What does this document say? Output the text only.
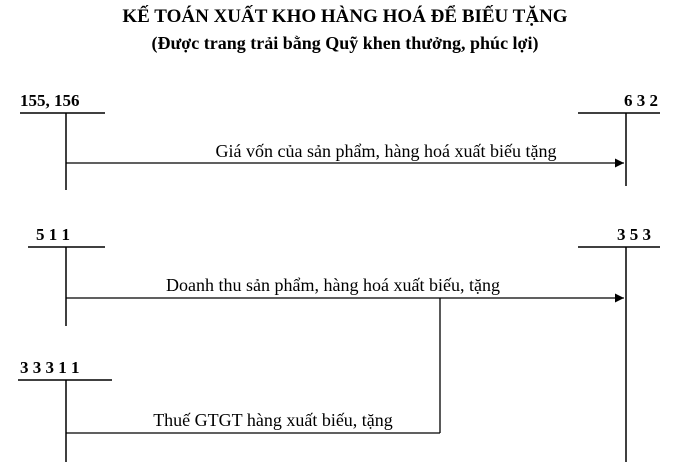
KẾ TOÁN XUẤT KHO HÀNG HOÁ ĐỂ BIẾU TẶNG
(Được trang trải bằng Quỹ khen thưởng, phúc lợi)
155, 156	6 3 2
Giá vốn của sản phẩm, hàng hoá xuất biếu tặng
5 1 1	3 5 3
Doanh thu sản phẩm, hàng hoá xuất biếu, tặng
3 3 3 1 1
Thuế GTGT hàng xuất biếu, tặng
